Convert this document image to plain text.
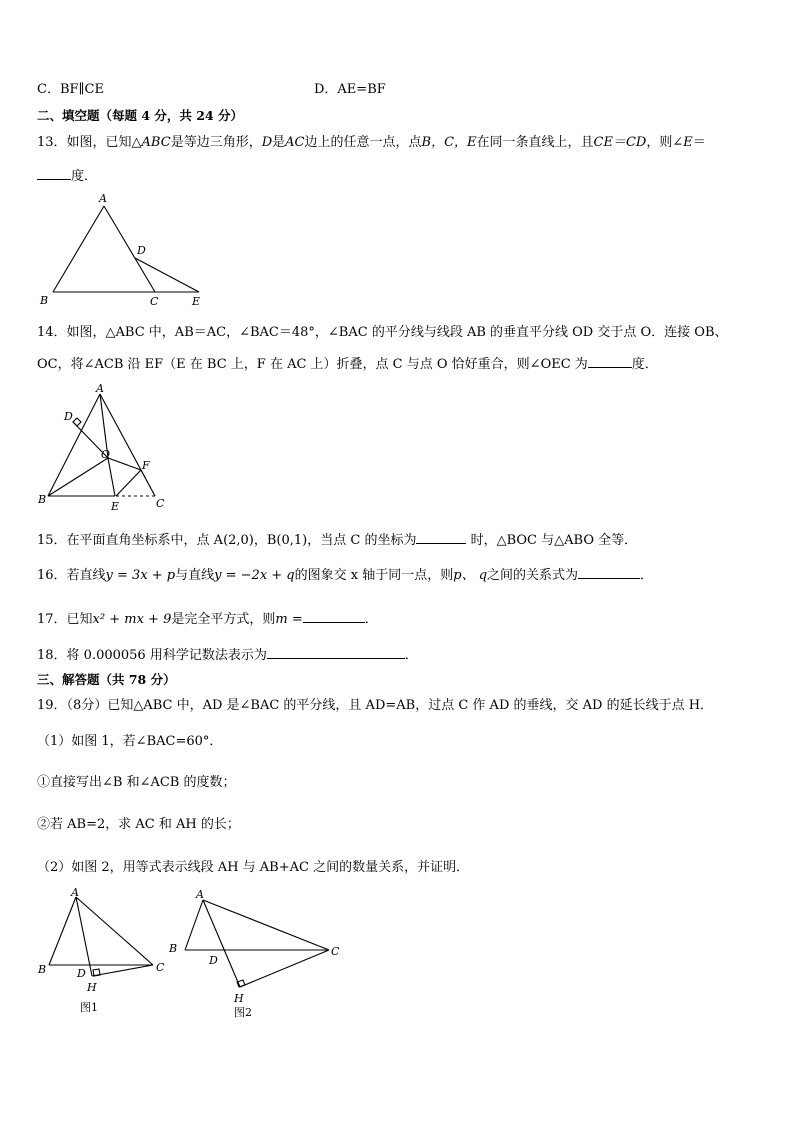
C．BF∥CE	D．AE=BF
二、填空题（每题 4 分，共 24 分）
13．如图，已知△ABC是等边三角形，D是AC边上的任意一点，点B，C，E在同一条直线上，且CE＝CD，则∠E＝
度．
A
B	C
D
E
14．如图，△ABC 中，AB＝AC，∠BAC＝48°，∠BAC 的平分线与线段 AB 的垂直平分线 OD 交于点 O．连接 OB、
OC，将∠ACB 沿 EF（E 在 BC 上，F 在 AC 上）折叠，点 C 与点 O 恰好重合，则∠OEC 为	度．
A
B	C
D
E
F
O
15．在平面直角坐标系中，点 A(2,0)，B(0,1)，当点 C 的坐标为	时，△BOC 与△ABO 全等．
16．若直线y = 3x + p与直线y = −2x + q的图象交 x 轴于同一点，则p、 q之间的关系式为	．
17．已知x² + mx + 9是完全平方式，则m =	．
18．将 0.000056 用科学记数法表示为	．
三、解答题（共 78 分）
19．（8分）已知△ABC 中，AD 是∠BAC 的平分线，且 AD=AB，过点 C 作 AD 的垂线，交 AD 的延长线于点 H．
（1）如图 1，若∠BAC=60°．
①直接写出∠B 和∠ACB 的度数；
②若 AB=2，求 AC 和 AH 的长；
（2）如图 2，用等式表示线段 AH 与 AB+AC 之间的数量关系，并证明．
A
B	C
D
H
图1
A
B	C
D
H
图2
